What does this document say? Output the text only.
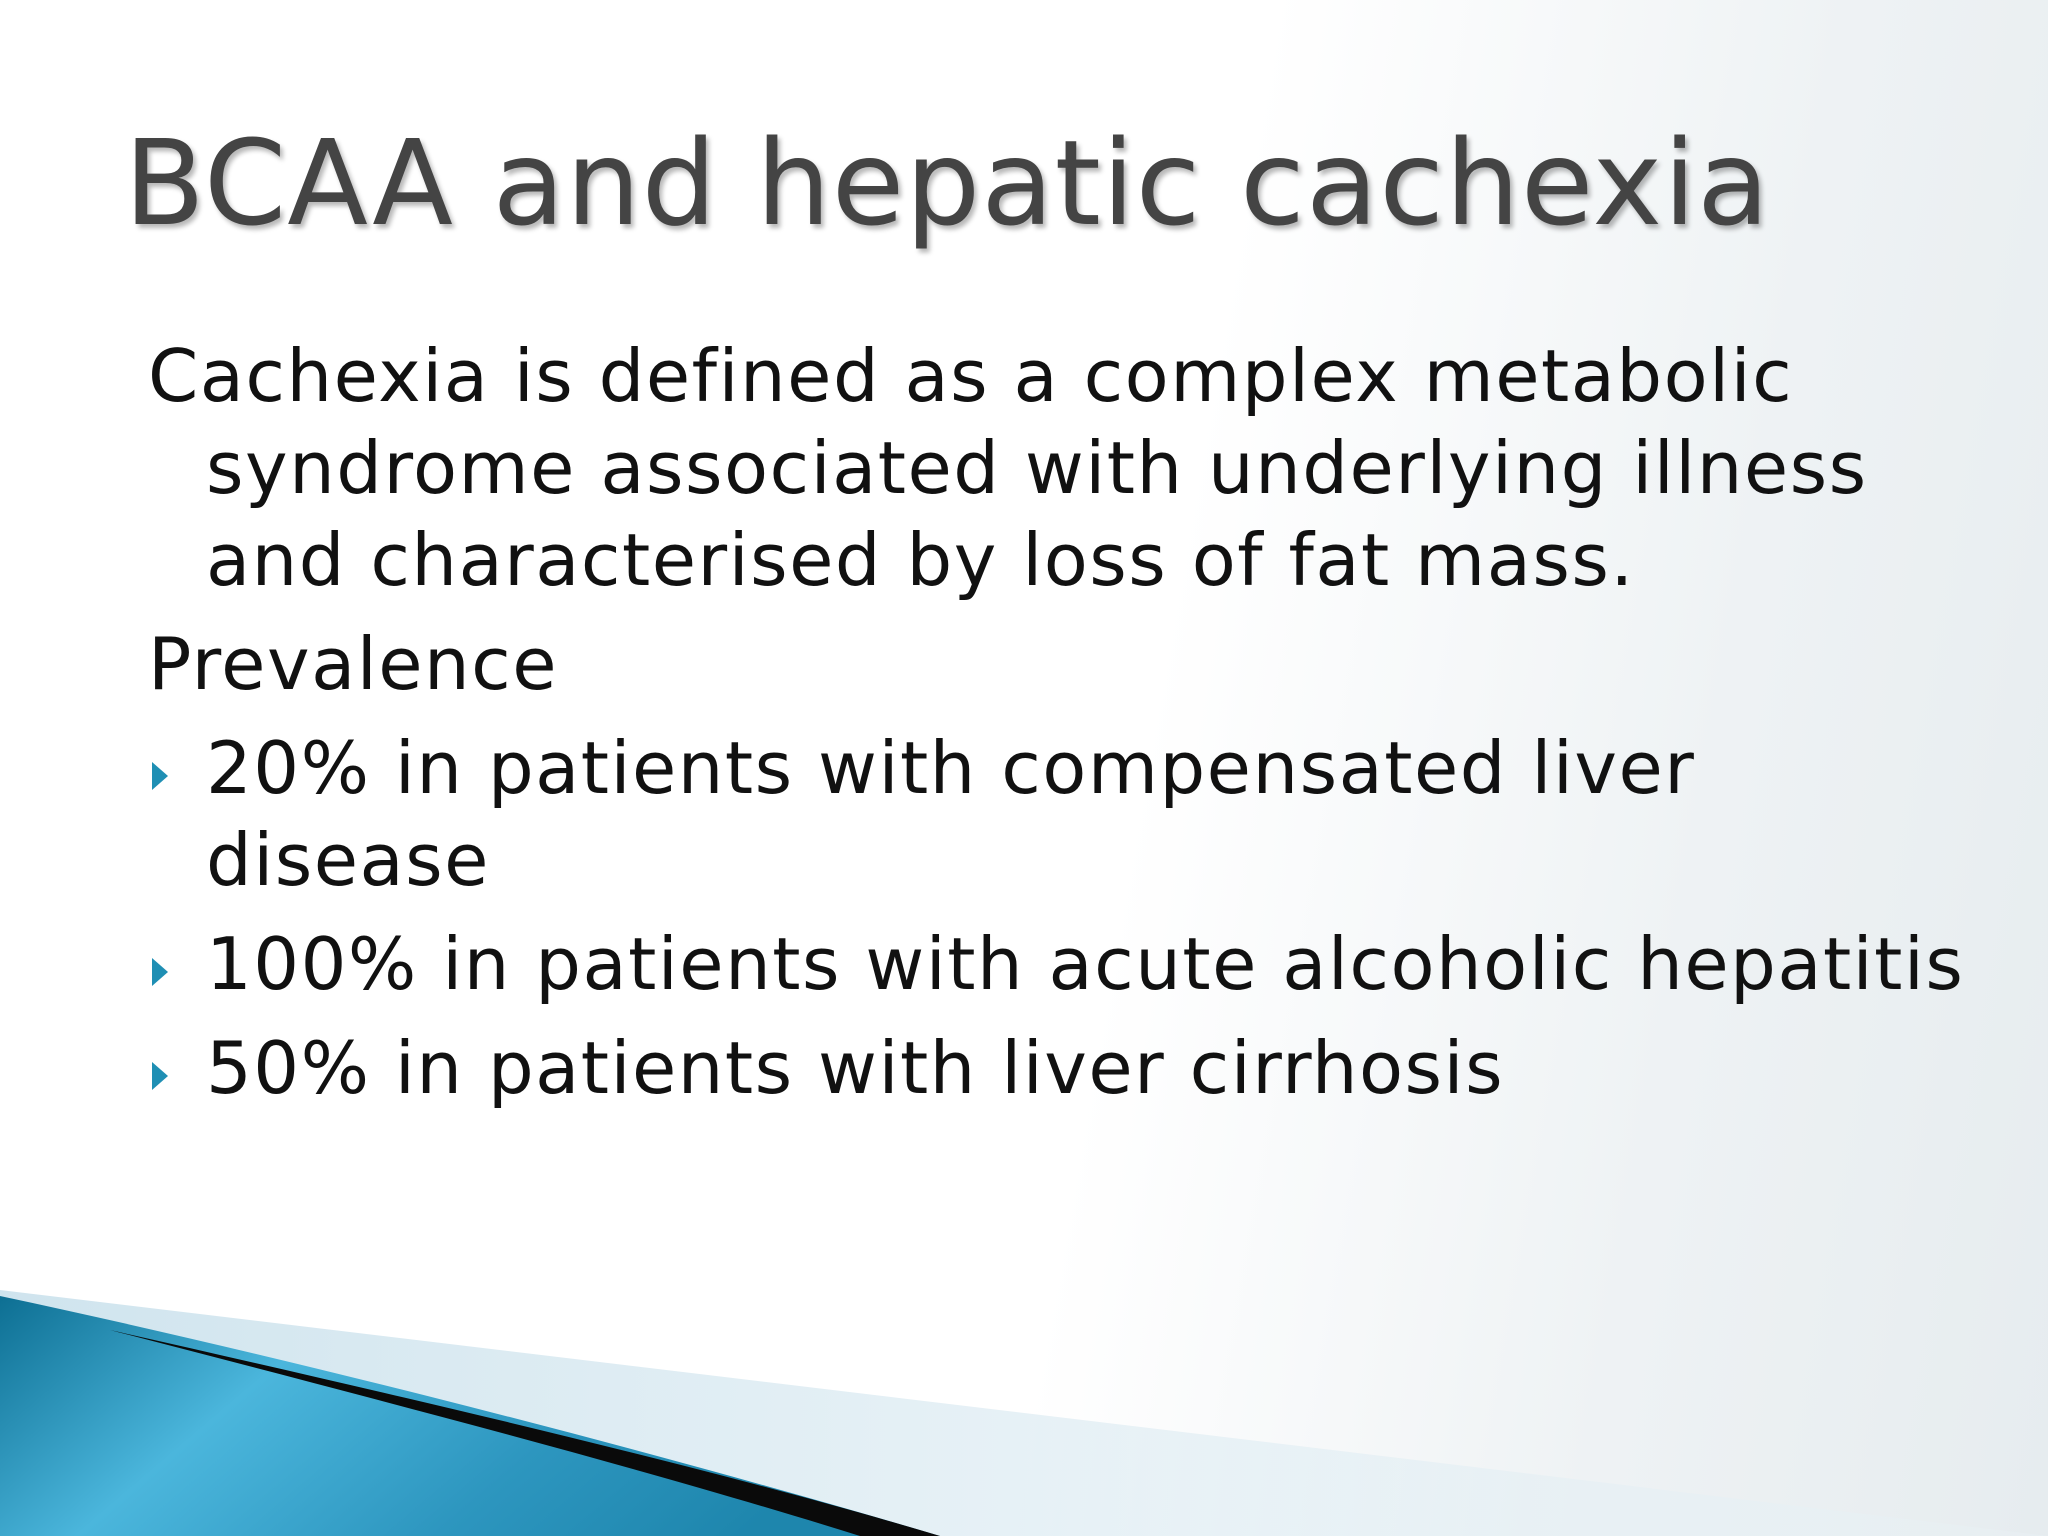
BCAA and hepatic cachexia

Cachexia is defined as a complex metabolic syndrome associated with underlying illness and characterised by loss of fat mass.

Prevalence

20% in patients with compensated liver disease
100% in patients with acute alcoholic hepatitis
50% in patients with liver cirrhosis
